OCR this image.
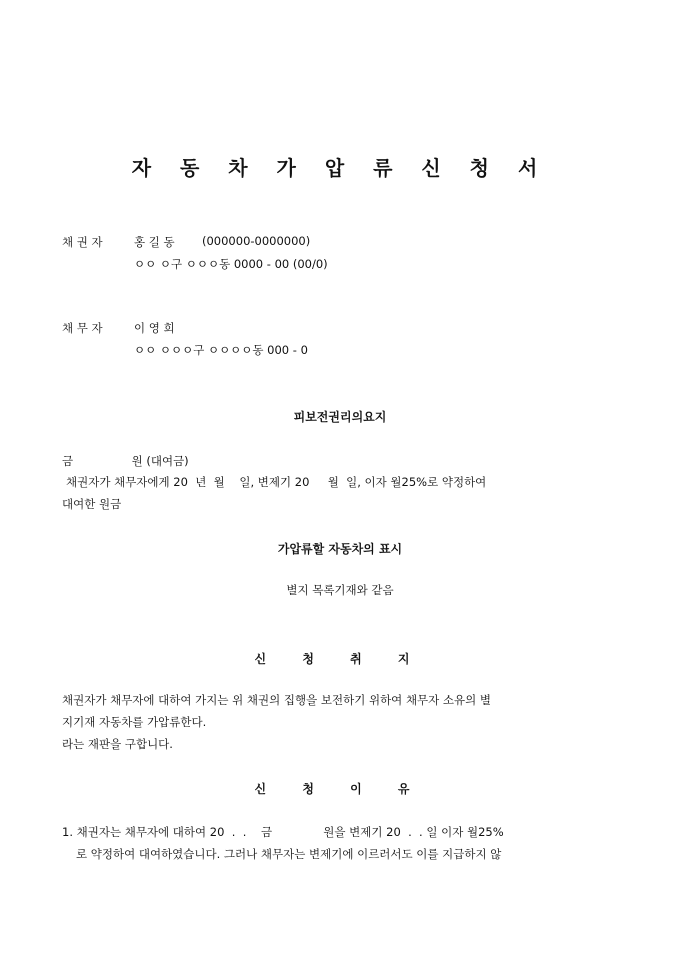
자 동 차 가 압 류 신 청 서
채 권 자	홍 길 동 (000000-0000000)
ㅇㅇ ㅇ구 ㅇㅇㅇ동 0000 - 00 (00/0)
채 무 자	이 영 희
ㅇㅇ ㅇㅇㅇ구 ㅇㅇㅇㅇ동 000 - 0
피보전권리의요지
금                원 (대여금)
채권자가 채무자에게 20  년  월    일, 변제기 20     월  일, 이자 월25%로 약정하여
대여한 원금
가압류할 자동차의 표시
별지 목록기재와 같음
신 청 취 지
채권자가 채무자에 대하여 가지는 위 채권의 집행을 보전하기 위하여 채무자 소유의 별
지기재 자동차를 가압류한다.
라는 재판을 구합니다.
신 청 이 유
1. 채권자는 채무자에 대하여 20  .  .    금              원을 변제기 20  .  . 일 이자 월25%
로 약정하여 대여하였습니다. 그러나 채무자는 변제기에 이르러서도 이를 지급하지 않
